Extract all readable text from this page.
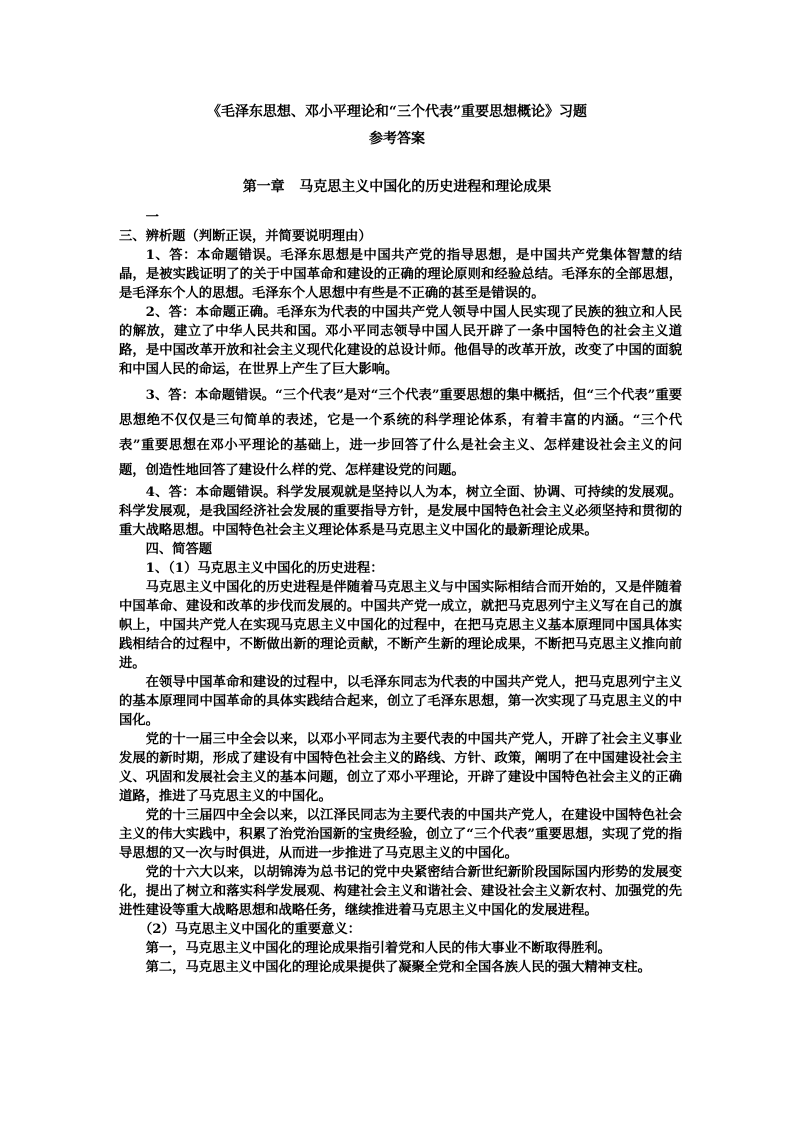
《毛泽东思想、邓小平理论和“三个代表”重要思想概论》习题
参考答案
第一章   马克思主义中国化的历史进程和理论成果

一

三、辨析题（判断正误，并简要说明理由）

1、答：本命题错误。毛泽东思想是中国共产党的指导思想，是中国共产党集体智慧的结晶，是被实践证明了的关于中国革命和建设的正确的理论原则和经验总结。毛泽东的全部思想，是毛泽东个人的思想。毛泽东个人思想中有些是不正确的甚至是错误的。

2、答：本命题正确。毛泽东为代表的中国共产党人领导中国人民实现了民族的独立和人民的解放，建立了中华人民共和国。邓小平同志领导中国人民开辟了一条中国特色的社会主义道路，是中国改革开放和社会主义现代化建设的总设计师。他倡导的改革开放，改变了中国的面貌和中国人民的命运，在世界上产生了巨大影响。

3、答：本命题错误。“三个代表”是对“三个代表”重要思想的集中概括，但“三个代表”重要思想绝不仅仅是三句简单的表述，它是一个系统的科学理论体系，有着丰富的内涵。“三个代表”重要思想在邓小平理论的基础上，进一步回答了什么是社会主义、怎样建设社会主义的问题，创造性地回答了建设什么样的党、怎样建设党的问题。

4、答：本命题错误。科学发展观就是坚持以人为本，树立全面、协调、可持续的发展观。科学发展观，是我国经济社会发展的重要指导方针，是发展中国特色社会主义必须坚持和贯彻的重大战略思想。中国特色社会主义理论体系是马克思主义中国化的最新理论成果。

四、简答题

1、（1）马克思主义中国化的历史进程：

马克思主义中国化的历史进程是伴随着马克思主义与中国实际相结合而开始的，又是伴随着中国革命、建设和改革的步伐而发展的。中国共产党一成立，就把马克思列宁主义写在自己的旗帜上，中国共产党人在实现马克思主义中国化的过程中，在把马克思主义基本原理同中国具体实践相结合的过程中，不断做出新的理论贡献，不断产生新的理论成果，不断把马克思主义推向前进。

在领导中国革命和建设的过程中，以毛泽东同志为代表的中国共产党人，把马克思列宁主义的基本原理同中国革命的具体实践结合起来，创立了毛泽东思想，第一次实现了马克思主义的中国化。

党的十一届三中全会以来，以邓小平同志为主要代表的中国共产党人，开辟了社会主义事业发展的新时期，形成了建设有中国特色社会主义的路线、方针、政策，阐明了在中国建设社会主义、巩固和发展社会主义的基本问题，创立了邓小平理论，开辟了建设中国特色社会主义的正确道路，推进了马克思主义的中国化。

党的十三届四中全会以来，以江泽民同志为主要代表的中国共产党人，在建设中国特色社会主义的伟大实践中，积累了治党治国新的宝贵经验，创立了“三个代表”重要思想，实现了党的指导思想的又一次与时俱进，从而进一步推进了马克思主义的中国化。

党的十六大以来，以胡锦涛为总书记的党中央紧密结合新世纪新阶段国际国内形势的发展变化，提出了树立和落实科学发展观、构建社会主义和谐社会、建设社会主义新农村、加强党的先进性建设等重大战略思想和战略任务，继续推进着马克思主义中国化的发展进程。

（2）马克思主义中国化的重要意义：

第一，马克思主义中国化的理论成果指引着党和人民的伟大事业不断取得胜利。

第二，马克思主义中国化的理论成果提供了凝聚全党和全国各族人民的强大精神支柱。
